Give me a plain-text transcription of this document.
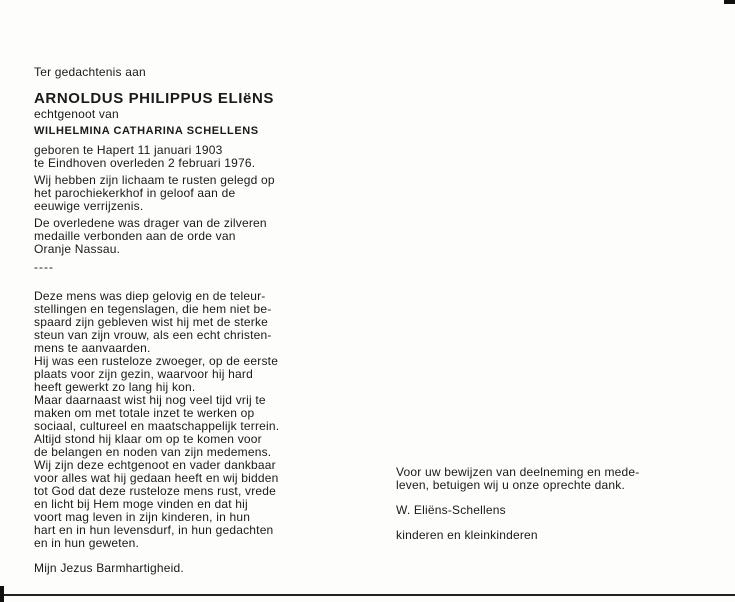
Ter gedachtenis aan
ARNOLDUS PHILIPPUS ELIëNS
echtgenoot van
WILHELMINA CATHARINA SCHELLENS
geboren te Hapert 11 januari 1903
te Eindhoven overleden 2 februari 1976.
Wij hebben zijn lichaam te rusten gelegd op
het parochiekerkhof in geloof aan de
eeuwige verrijzenis.
De overledene was drager van de zilveren
medaille verbonden aan de orde van
Oranje Nassau.
----
Deze mens was diep gelovig en de teleur-
stellingen en tegenslagen, die hem niet be-
spaard zijn gebleven wist hij met de sterke
steun van zijn vrouw, als een echt christen-
mens te aanvaarden.
Hij was een rusteloze zwoeger, op de eerste
plaats voor zijn gezin, waarvoor hij hard
heeft gewerkt zo lang hij kon.
Maar daarnaast wist hij nog veel tijd vrij te
maken om met totale inzet te werken op
sociaal, cultureel en maatschappelijk terrein.
Altijd stond hij klaar om op te komen voor
de belangen en noden van zijn medemens.
Wij zijn deze echtgenoot en vader dankbaar
voor alles wat hij gedaan heeft en wij bidden
tot God dat deze rusteloze mens rust, vrede
en licht bij Hem moge vinden en dat hij
voort mag leven in zijn kinderen, in hun
hart en in hun levensdurf, in hun gedachten
en in hun geweten.
Mijn Jezus Barmhartigheid.
Voor uw bewijzen van deelneming en mede-
leven, betuigen wij u onze oprechte dank.
W. Eliëns-Schellens
kinderen en kleinkinderen
